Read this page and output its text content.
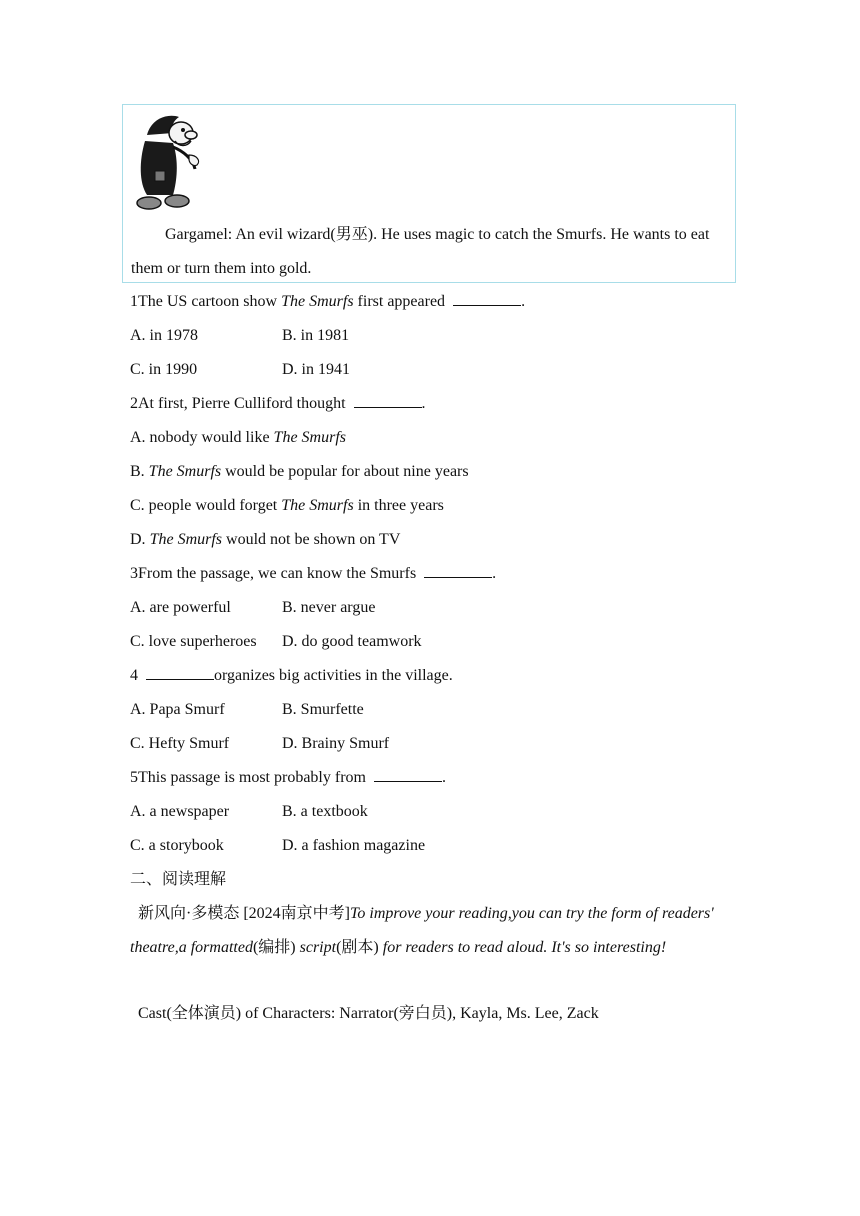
Gargamel: An evil wizard(男巫). He uses magic to catch the Smurfs. He wants to eat them or turn them into gold.
1The US cartoon show The Smurfs first appeared	.
A. in 1978	B. in 1981
C. in 1990	D. in 1941
2At first, Pierre Culliford thought	.
A. nobody would like The Smurfs
B. The Smurfs would be popular for about nine years
C. people would forget The Smurfs in three years
D. The Smurfs would not be shown on TV
3From the passage, we can know the Smurfs	.
A. are powerful	B. never argue
C. love superheroes D. do good teamwork
4	organizes big activities in the village.
A. Papa Smurf	B. Smurfette
C. Hefty Smurf	D. Brainy Smurf
5This passage is most probably from	.
A. a newspaper	B. a textbook
C. a storybook	D. a fashion magazine
二、阅读理解
新风向·多模态 [2024南京中考]To improve your reading,you can try the form of readers' theatre,a formatted(编排) script(剧本) for readers to read aloud. It's so interesting!
Cast(全体演员) of Characters: Narrator(旁白员), Kayla, Ms. Lee, Zack
